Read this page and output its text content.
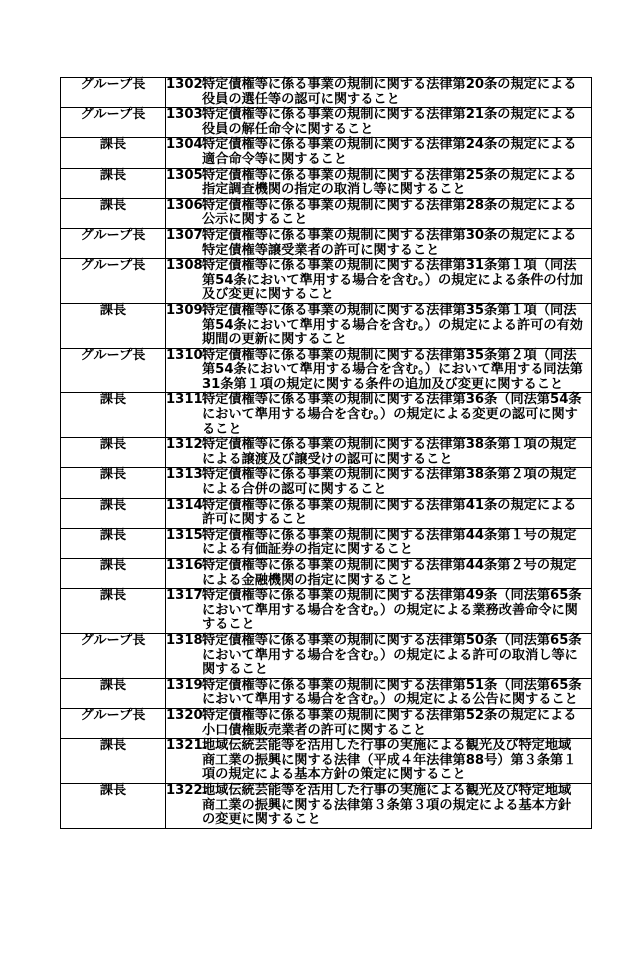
グループ長	1302.特定債権等に係る事業の規制に関する法律第20条の規定による役員の選任等の認可に関すること
グループ長	1303.特定債権等に係る事業の規制に関する法律第21条の規定による役員の解任命令に関すること
課長	1304.特定債権等に係る事業の規制に関する法律第24条の規定による適合命令等に関すること
課長	1305.特定債権等に係る事業の規制に関する法律第25条の規定による指定調査機関の指定の取消し等に関すること
課長	1306.特定債権等に係る事業の規制に関する法律第28条の規定による公示に関すること
グループ長	1307.特定債権等に係る事業の規制に関する法律第30条の規定による特定債権等譲受業者の許可に関すること
グループ長	1308.特定債権等に係る事業の規制に関する法律第31条第１項（同法第54条において準用する場合を含む。）の規定による条件の付加及び変更に関すること
課長	1309.特定債権等に係る事業の規制に関する法律第35条第１項（同法第54条において準用する場合を含む。）の規定による許可の有効期間の更新に関すること
グループ長	1310.特定債権等に係る事業の規制に関する法律第35条第２項（同法第54条において準用する場合を含む。）において準用する同法第31条第１項の規定に関する条件の追加及び変更に関すること
課長	1311.特定債権等に係る事業の規制に関する法律第36条（同法第54条において準用する場合を含む。）の規定による変更の認可に関すること
課長	1312.特定債権等に係る事業の規制に関する法律第38条第１項の規定による譲渡及び譲受けの認可に関すること
課長	1313.特定債権等に係る事業の規制に関する法律第38条第２項の規定による合併の認可に関すること
課長	1314.特定債権等に係る事業の規制に関する法律第41条の規定による許可に関すること
課長	1315.特定債権等に係る事業の規制に関する法律第44条第１号の規定による有価証券の指定に関すること
課長	1316.特定債権等に係る事業の規制に関する法律第44条第２号の規定による金融機関の指定に関すること
課長	1317.特定債権等に係る事業の規制に関する法律第49条（同法第65条において準用する場合を含む。）の規定による業務改善命令に関すること
グループ長	1318.特定債権等に係る事業の規制に関する法律第50条（同法第65条において準用する場合を含む。）の規定による許可の取消し等に関すること
課長	1319.特定債権等に係る事業の規制に関する法律第51条（同法第65条において準用する場合を含む。）の規定による公告に関すること
グループ長	1320.特定債権等に係る事業の規制に関する法律第52条の規定による小口債権販売業者の許可に関すること
課長	1321.地域伝統芸能等を活用した行事の実施による観光及び特定地域商工業の振興に関する法律（平成４年法律第88号）第３条第１項の規定による基本方針の策定に関すること
課長	1322.地域伝統芸能等を活用した行事の実施による観光及び特定地域商工業の振興に関する法律第３条第３項の規定による基本方針の変更に関すること
